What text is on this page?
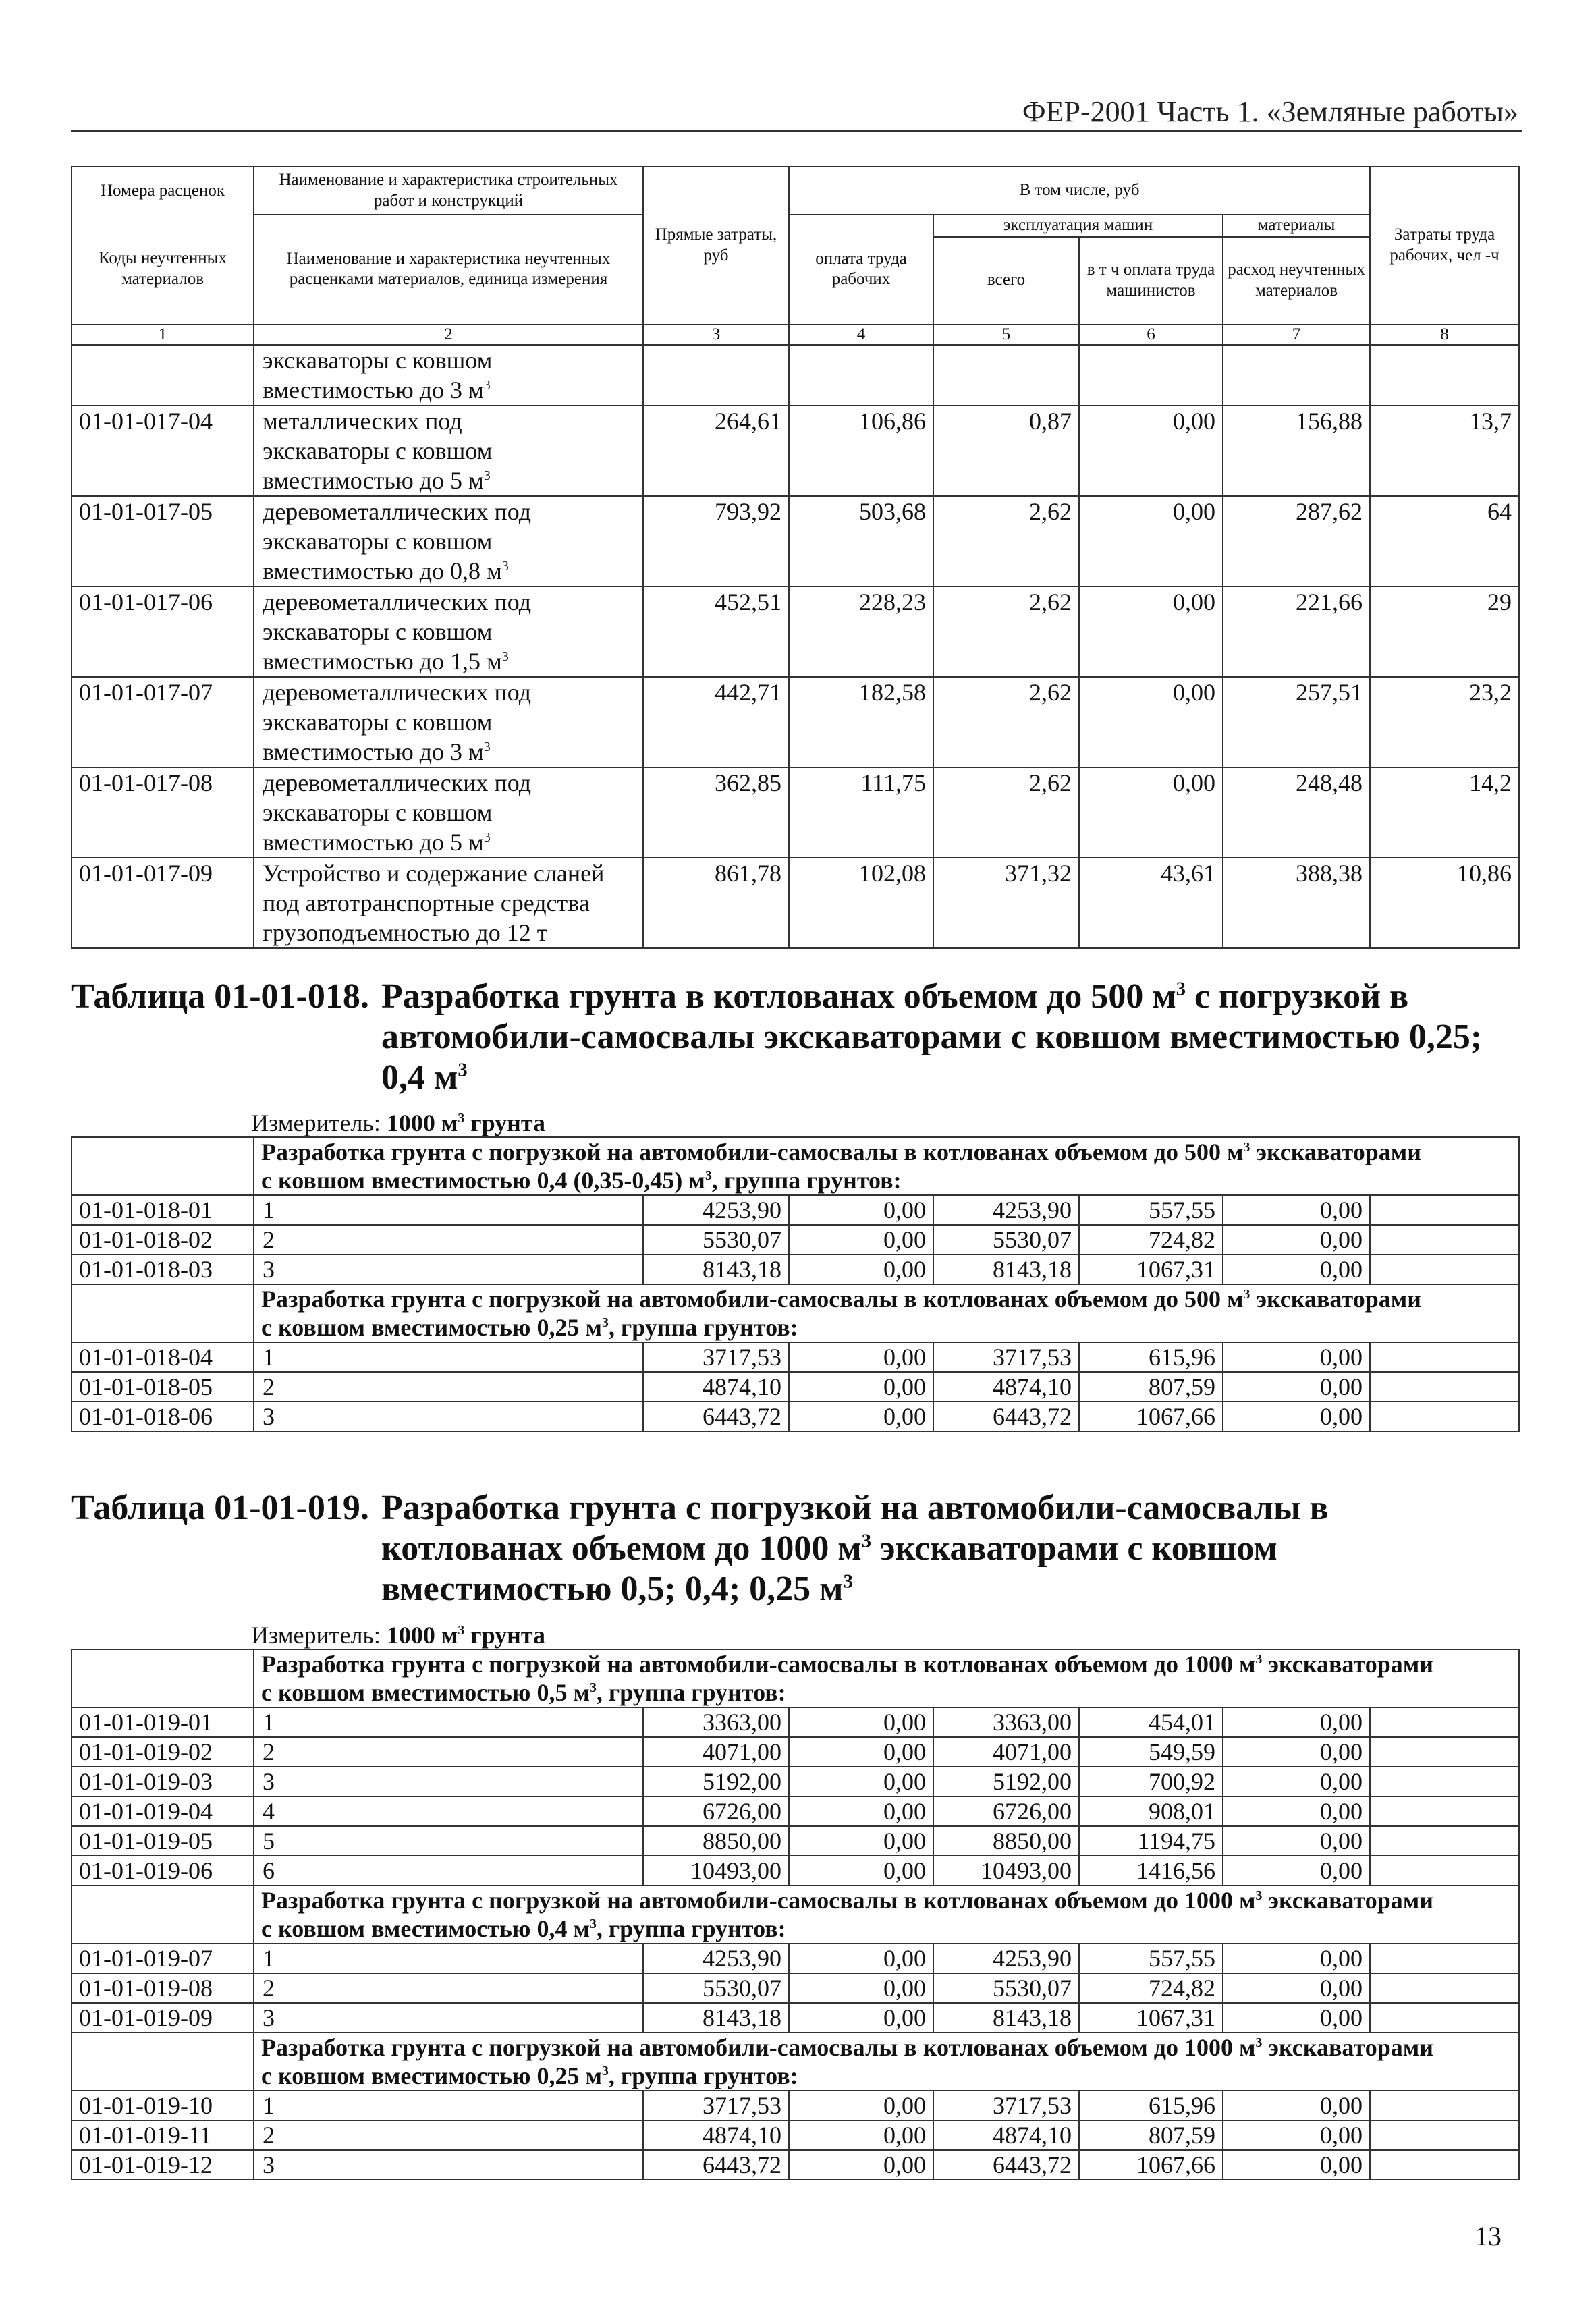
ФЕР-2001 Часть 1. «Земляные работы»
Номера расценок	Наименование и характеристика строительных работ и конструкций	Прямые затраты, руб	В том числе, руб				Затраты труда рабочих, чел -ч
Коды неучтенных материалов	Наименование и характеристика неучтенных расценками материалов, единица измерения		оплата труда рабочих	эксплуатация машин		материалы	
				всего	в т ч оплата труда машинистов	расход неучтенных материалов	
1	2	3	4	5	6	7	8
	экскаваторы с ковшом
вместимостью до 3 $м^3$						
01-01-017-04	металлических под
экскаваторы с ковшом
вместимостью до 5 $м^3$	264,61	106,86	0,87	0,00	156,88	13,7
01-01-017-05	деревометаллических под
экскаваторы с ковшом
вместимостью до 0,8 $м^3$	793,92	503,68	2,62	0,00	287,62	64
01-01-017-06	деревометаллических под
экскаваторы с ковшом
вместимостью до 1,5 $м^3$	452,51	228,23	2,62	0,00	221,66	29
01-01-017-07	деревометаллических под
экскаваторы с ковшом
вместимостью до 3 $м^3$	442,71	182,58	2,62	0,00	257,51	23,2
01-01-017-08	деревометаллических под
экскаваторы с ковшом
вместимостью до 5 $м^3$	362,85	111,75	2,62	0,00	248,48	14,2
01-01-017-09	Устройство и содержание сланей
под автотранспортные средства
грузоподъемностью до 12 т	861,78	102,08	371,32	43,61	388,38	10,86
Таблица 01-01-018. Разработка грунта в котлованах объемом до 500 $м^3$ с погрузкой в автомобили-самосвалы экскаваторами с ковшом вместимостью 0,25; 0,4 $м^3$
Измеритель: 1000 $м^3$ грунта
	Разработка грунта с погрузкой на автомобили-самосвалы в котлованах объемом до 500 $м^3$ экскаваторами
с ковшом вместимостью 0,4 (0,35-0,45) $м^3$, группа грунтов:						
01-01-018-01	1	4253,90	0,00	4253,90	557,55	0,00	
01-01-018-02	2	5530,07	0,00	5530,07	724,82	0,00	
01-01-018-03	3	8143,18	0,00	8143,18	1067,31	0,00	
	Разработка грунта с погрузкой на автомобили-самосвалы в котлованах объемом до 500 $м^3$ экскаваторами
с ковшом вместимостью 0,25 $м^3$, группа грунтов:						
01-01-018-04	1	3717,53	0,00	3717,53	615,96	0,00	
01-01-018-05	2	4874,10	0,00	4874,10	807,59	0,00	
01-01-018-06	3	6443,72	0,00	6443,72	1067,66	0,00	
Таблица 01-01-019. Разработка грунта с погрузкой на автомобили-самосвалы в котлованах объемом до 1000 $м^3$ экскаваторами с ковшом вместимостью 0,5; 0,4; 0,25 $м^3$
Измеритель: 1000 $м^3$ грунта
	Разработка грунта с погрузкой на автомобили-самосвалы в котлованах объемом до 1000 $м^3$ экскаваторами
с ковшом вместимостью 0,5 $м^3$, группа грунтов:						
01-01-019-01	1	3363,00	0,00	3363,00	454,01	0,00	
01-01-019-02	2	4071,00	0,00	4071,00	549,59	0,00	
01-01-019-03	3	5192,00	0,00	5192,00	700,92	0,00	
01-01-019-04	4	6726,00	0,00	6726,00	908,01	0,00	
01-01-019-05	5	8850,00	0,00	8850,00	1194,75	0,00	
01-01-019-06	6	10493,00	0,00	10493,00	1416,56	0,00	
	Разработка грунта с погрузкой на автомобили-самосвалы в котлованах объемом до 1000 $м^3$ экскаваторами
с ковшом вместимостью 0,4 $м^3$, группа грунтов:						
01-01-019-07	1	4253,90	0,00	4253,90	557,55	0,00	
01-01-019-08	2	5530,07	0,00	5530,07	724,82	0,00	
01-01-019-09	3	8143,18	0,00	8143,18	1067,31	0,00	
	Разработка грунта с погрузкой на автомобили-самосвалы в котлованах объемом до 1000 $м^3$ экскаваторами
с ковшом вместимостью 0,25 $м^3$, группа грунтов:						
01-01-019-10	1	3717,53	0,00	3717,53	615,96	0,00	
01-01-019-11	2	4874,10	0,00	4874,10	807,59	0,00	
01-01-019-12	3	6443,72	0,00	6443,72	1067,66	0,00	
13
